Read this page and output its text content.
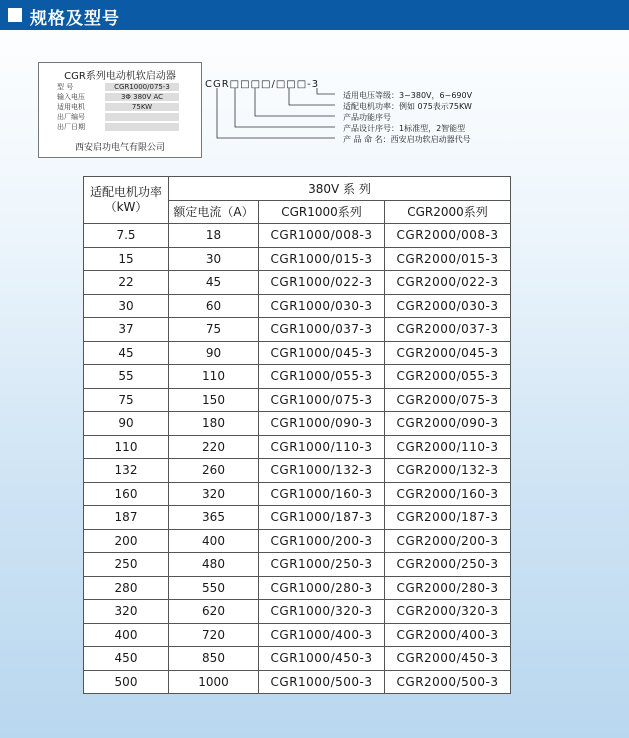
规格及型号
CGR系列电动机软启动器
型 号	CGR1000/075-3
输入电压	3Φ 380V AC
适用电机	75KW
出厂编号
出厂日期
西安启功电气有限公司
CGR□□□□/□□□-3
适用电压等级：3~380V，6~690V
适配电机功率：例如 075表示75KW
产品功能序号
产品设计序号：1标准型，2智能型
产 品 命 名：西安启功软启动器代号
适配电机功率
（kW）	380V 系 列		
	额定电流（A）	CGR1000系列	CGR2000系列
7.5	18	CGR1000/008-3	CGR2000/008-3
15	30	CGR1000/015-3	CGR2000/015-3
22	45	CGR1000/022-3	CGR2000/022-3
30	60	CGR1000/030-3	CGR2000/030-3
37	75	CGR1000/037-3	CGR2000/037-3
45	90	CGR1000/045-3	CGR2000/045-3
55	110	CGR1000/055-3	CGR2000/055-3
75	150	CGR1000/075-3	CGR2000/075-3
90	180	CGR1000/090-3	CGR2000/090-3
110	220	CGR1000/110-3	CGR2000/110-3
132	260	CGR1000/132-3	CGR2000/132-3
160	320	CGR1000/160-3	CGR2000/160-3
187	365	CGR1000/187-3	CGR2000/187-3
200	400	CGR1000/200-3	CGR2000/200-3
250	480	CGR1000/250-3	CGR2000/250-3
280	550	CGR1000/280-3	CGR2000/280-3
320	620	CGR1000/320-3	CGR2000/320-3
400	720	CGR1000/400-3	CGR2000/400-3
450	850	CGR1000/450-3	CGR2000/450-3
500	1000	CGR1000/500-3	CGR2000/500-3
